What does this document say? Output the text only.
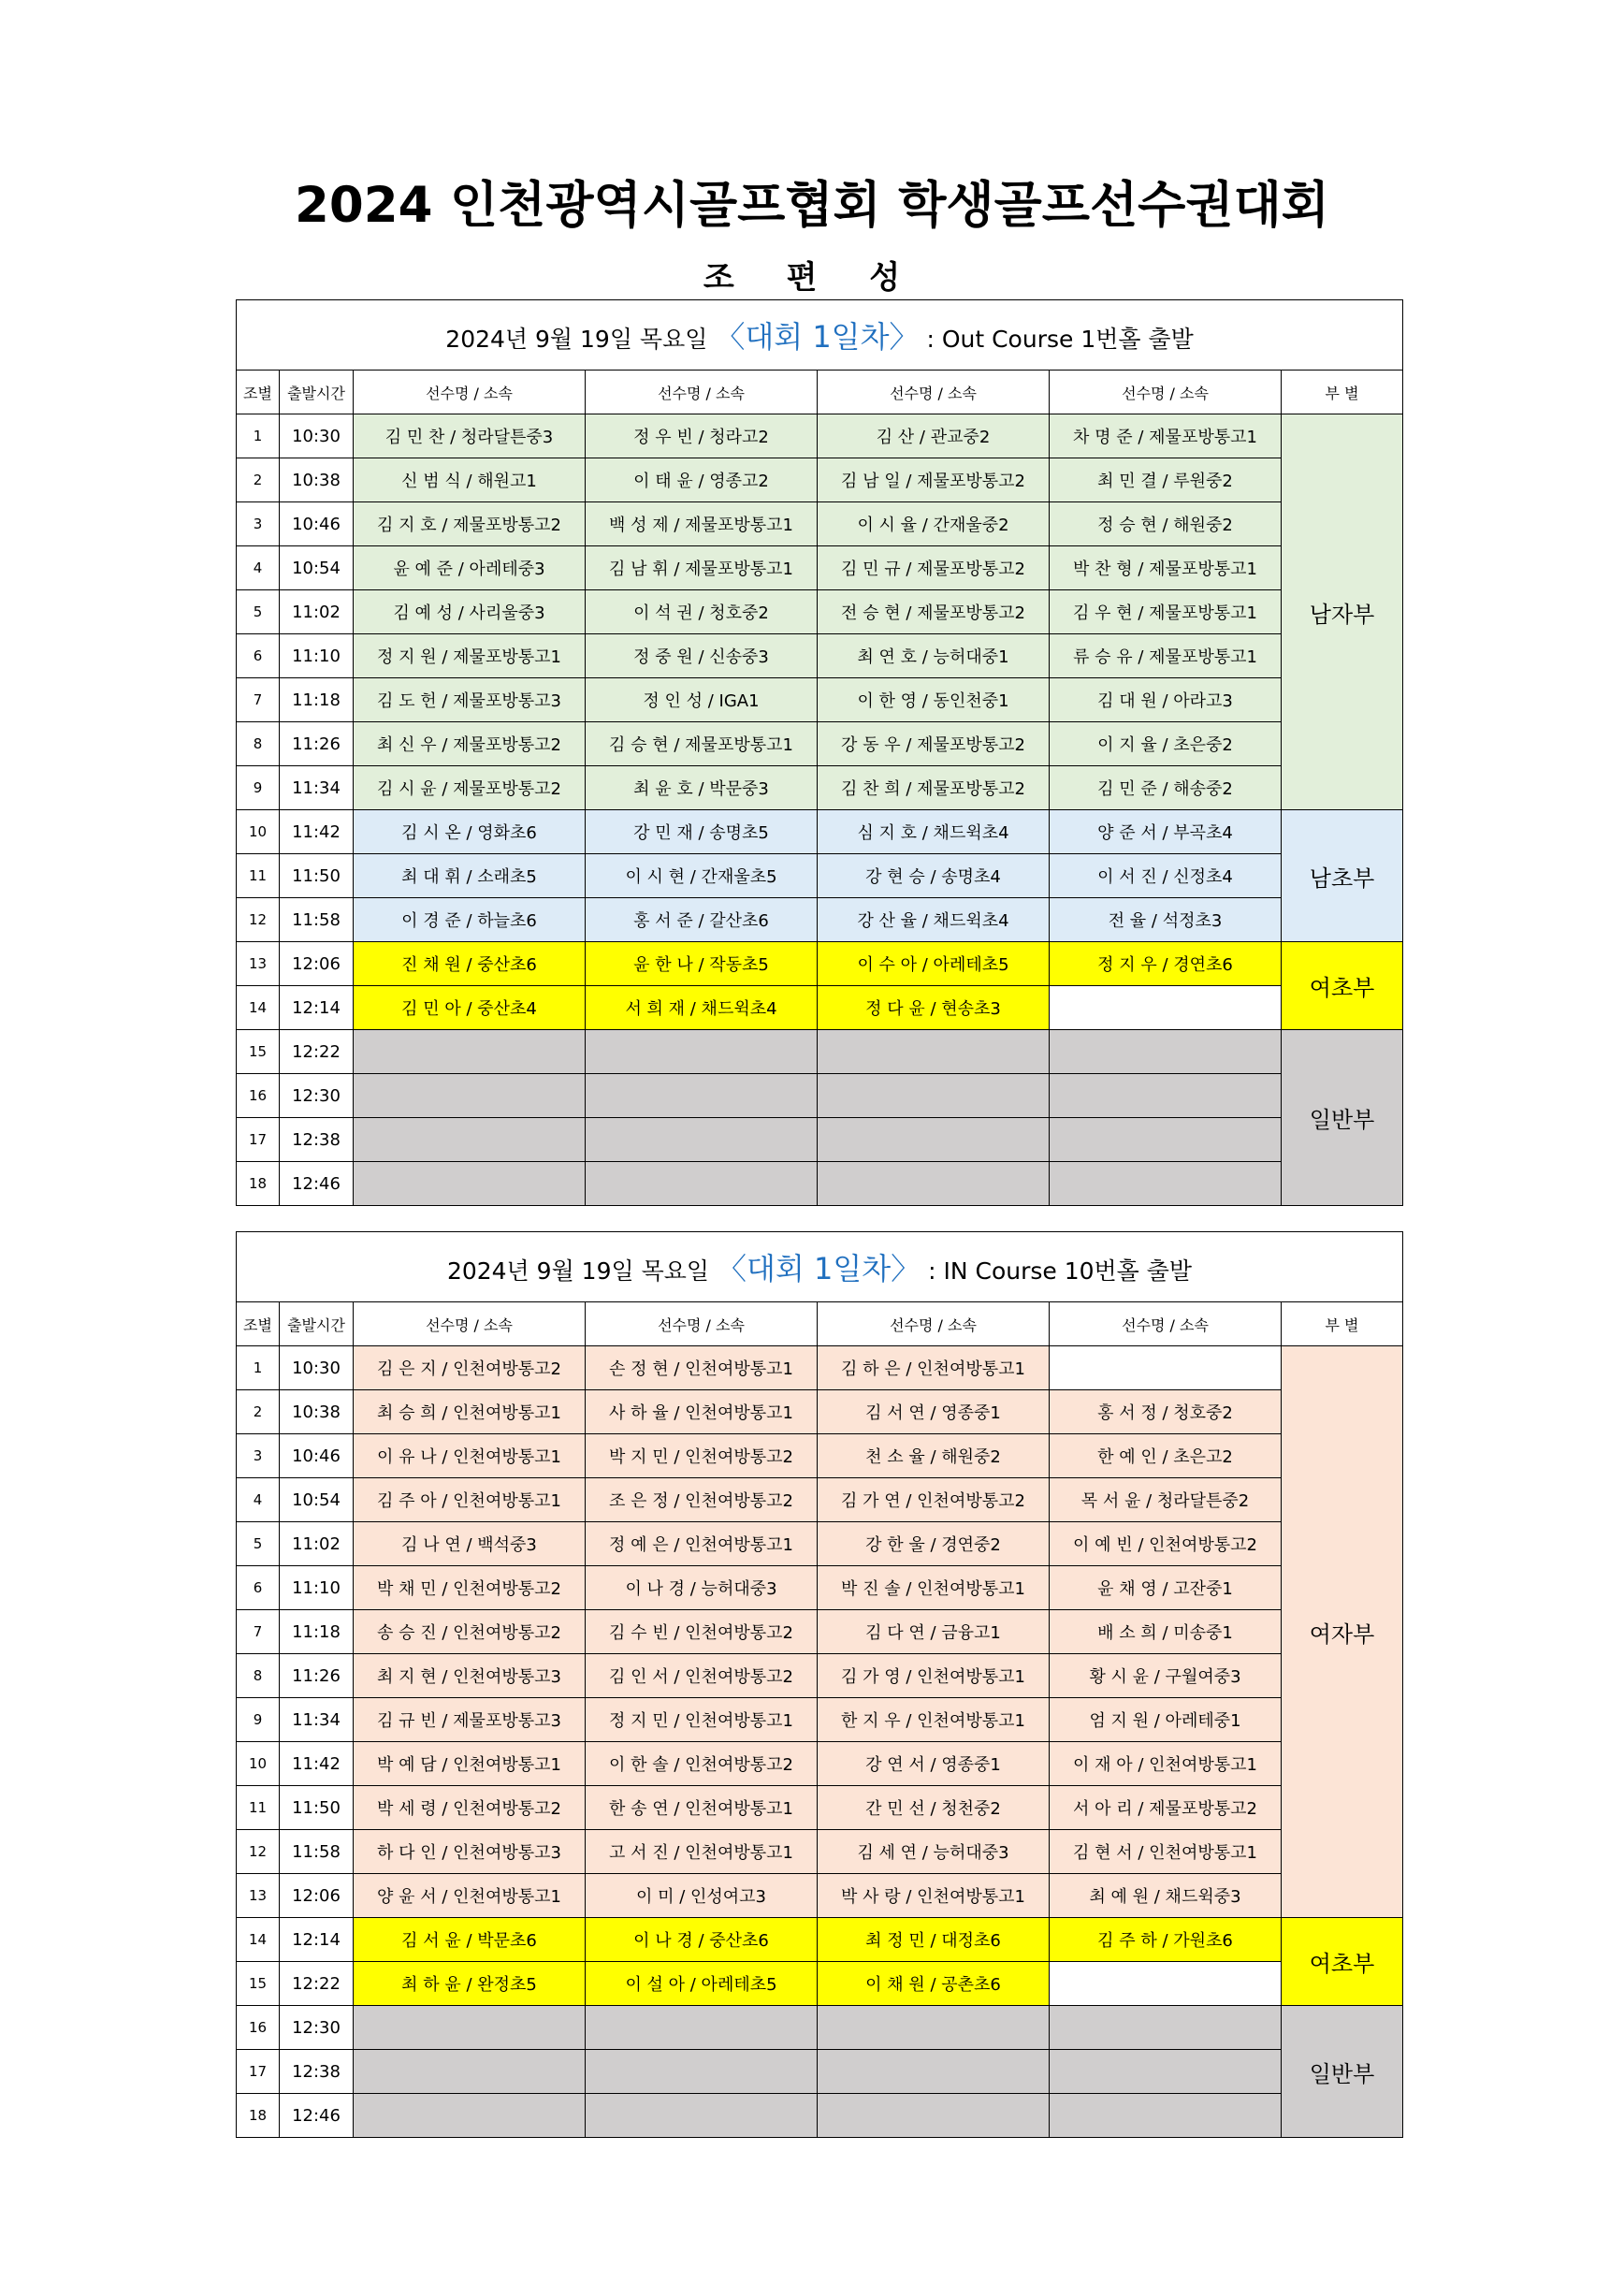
2024 인천광역시골프협회 학생골프선수권대회
조 편 성
2024년 9월 19일 목요일 〈대회 1일차〉 : Out Course 1번홀 출발						
조별	출발시간	선수명 / 소속	선수명 / 소속	선수명 / 소속	선수명 / 소속	부 별
1	10:30	김 민 찬 / 청라달튼중3	정 우 빈 / 청라고2	김 산 / 관교중2	차 명 준 / 제물포방통고1	남자부
2	10:38	신 범 식 / 해원고1	이 태 윤 / 영종고2	김 남 일 / 제물포방통고2	최 민 결 / 루원중2	
3	10:46	김 지 호 / 제물포방통고2	백 성 제 / 제물포방통고1	이 시 율 / 간재울중2	정 승 현 / 해원중2	
4	10:54	윤 예 준 / 아레테중3	김 남 휘 / 제물포방통고1	김 민 규 / 제물포방통고2	박 찬 형 / 제물포방통고1	
5	11:02	김 예 성 / 사리울중3	이 석 권 / 청호중2	전 승 현 / 제물포방통고2	김 우 현 / 제물포방통고1	
6	11:10	정 지 원 / 제물포방통고1	정 중 원 / 신송중3	최 연 호 / 능허대중1	류 승 유 / 제물포방통고1	
7	11:18	김 도 헌 / 제물포방통고3	정 인 성 / IGA1	이 한 영 / 동인천중1	김 대 원 / 아라고3	
8	11:26	최 신 우 / 제물포방통고2	김 승 현 / 제물포방통고1	강 동 우 / 제물포방통고2	이 지 율 / 초은중2	
9	11:34	김 시 윤 / 제물포방통고2	최 윤 호 / 박문중3	김 찬 희 / 제물포방통고2	김 민 준 / 해송중2	
10	11:42	김 시 온 / 영화초6	강 민 재 / 송명초5	심 지 호 / 채드윅초4	양 준 서 / 부곡초4	남초부
11	11:50	최 대 휘 / 소래초5	이 시 현 / 간재울초5	강 현 승 / 송명초4	이 서 진 / 신정초4	
12	11:58	이 경 준 / 하늘초6	홍 서 준 / 갈산초6	강 산 율 / 채드윅초4	전 율 / 석정초3	
13	12:06	진 채 원 / 중산초6	윤 한 나 / 작동초5	이 수 아 / 아레테초5	정 지 우 / 경연초6	여초부
14	12:14	김 민 아 / 중산초4	서 희 재 / 채드윅초4	정 다 윤 / 현송초3		
15	12:22					일반부
16	12:30					
17	12:38					
18	12:46					
2024년 9월 19일 목요일 〈대회 1일차〉 : IN Course 10번홀 출발						
조별	출발시간	선수명 / 소속	선수명 / 소속	선수명 / 소속	선수명 / 소속	부 별
1	10:30	김 은 지 / 인천여방통고2	손 정 현 / 인천여방통고1	김 하 은 / 인천여방통고1		여자부
2	10:38	최 승 희 / 인천여방통고1	사 하 율 / 인천여방통고1	김 서 연 / 영종중1	홍 서 정 / 청호중2	
3	10:46	이 유 나 / 인천여방통고1	박 지 민 / 인천여방통고2	천 소 율 / 해원중2	한 예 인 / 초은고2	
4	10:54	김 주 아 / 인천여방통고1	조 은 정 / 인천여방통고2	김 가 연 / 인천여방통고2	목 서 윤 / 청라달튼중2	
5	11:02	김 나 연 / 백석중3	정 예 은 / 인천여방통고1	강 한 울 / 경연중2	이 예 빈 / 인천여방통고2	
6	11:10	박 채 민 / 인천여방통고2	이 나 경 / 능허대중3	박 진 솔 / 인천여방통고1	윤 채 영 / 고잔중1	
7	11:18	송 승 진 / 인천여방통고2	김 수 빈 / 인천여방통고2	김 다 연 / 금융고1	배 소 희 / 미송중1	
8	11:26	최 지 현 / 인천여방통고3	김 인 서 / 인천여방통고2	김 가 영 / 인천여방통고1	황 시 윤 / 구월여중3	
9	11:34	김 규 빈 / 제물포방통고3	정 지 민 / 인천여방통고1	한 지 우 / 인천여방통고1	엄 지 원 / 아레테중1	
10	11:42	박 예 담 / 인천여방통고1	이 한 솔 / 인천여방통고2	강 연 서 / 영종중1	이 재 아 / 인천여방통고1	
11	11:50	박 세 령 / 인천여방통고2	한 송 연 / 인천여방통고1	간 민 선 / 청천중2	서 아 리 / 제물포방통고2	
12	11:58	하 다 인 / 인천여방통고3	고 서 진 / 인천여방통고1	김 세 연 / 능허대중3	김 현 서 / 인천여방통고1	
13	12:06	양 윤 서 / 인천여방통고1	이 미 / 인성여고3	박 사 랑 / 인천여방통고1	최 예 원 / 채드윅중3	
14	12:14	김 서 윤 / 박문초6	이 나 경 / 중산초6	최 정 민 / 대정초6	김 주 하 / 가원초6	여초부
15	12:22	최 하 윤 / 완정초5	이 설 아 / 아레테초5	이 채 원 / 공촌초6		
16	12:30					일반부
17	12:38					
18	12:46					
